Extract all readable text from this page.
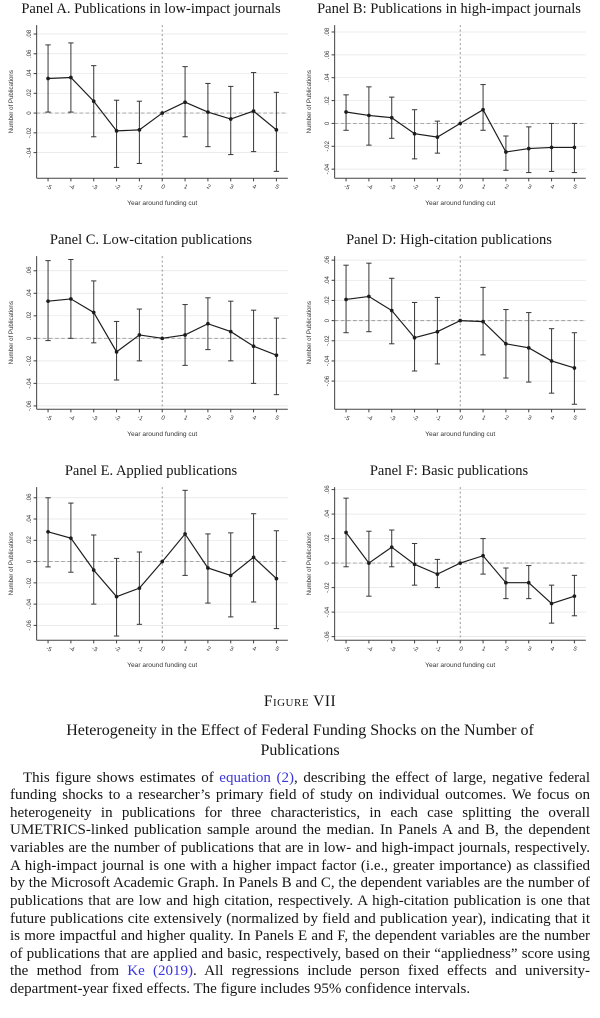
Panel A. Publications in low-impact journals
.08
.06
.04
.02
0
-.02
-.04
-5 -4 -3 -2 -1	0	1	2	3	4	5
Number of Publications
Year around funding cut
Panel B: Publications in high-impact journals
.08
.06
.04
.02
0
-.02
-.04
-5 -4 -3 -2 -1	0	1	2	3	4	5
Number of Publications
Year around funding cut
Panel C. Low-citation publications
.06
.04
.02
0
-.02
-.04
-.06
-5 -4 -3 -2 -1	0	1	2	3	4	5
Number of Publications
Year around funding cut
Panel D: High-citation publications
.06
.04
.02
0
-.02
-.04
-.06
-5 -4 -3 -2 -1	0	1	2	3	4	5
Number of Publications
Year around funding cut
Panel E. Applied publications
.06
.04
.02
0
-.02
-.04
-.06
-5 -4 -3 -2 -1	0	1	2	3	4	5
Number of Publications
Year around funding cut
Panel F: Basic publications
.06
.04
.02
0
-.02
-.04
-.06
-5 -4 -3 -2 -1	0	1	2	3	4	5
Number of Publications
Year around funding cut
Figure VII
Heterogeneity in the Effect of Federal Funding Shocks on the Number of Publications

This figure shows estimates of equation (2), describing the effect of large, negative federal funding shocks to a researcher’s primary field of study on individual outcomes. We focus on heterogeneity in publications for three characteristics, in each case splitting the overall UMETRICS-linked publication sample around the median. In Panels A and B, the dependent variables are the number of publications that are in low- and high-impact journals, respectively. A high-impact journal is one with a higher impact factor (i.e., greater importance) as classified by the Microsoft Academic Graph. In Panels B and C, the dependent variables are the number of publications that are low and high citation, respectively. A high-citation publication is one that future publications cite extensively (normalized by field and publication year), indicating that it is more impactful and higher quality. In Panels E and F, the dependent variables are the number of publications that are applied and basic, respectively, based on their “appliedness” score using the method from Ke (2019). All regressions include person fixed effects and university-department-year fixed effects. The figure includes 95% confidence intervals.
